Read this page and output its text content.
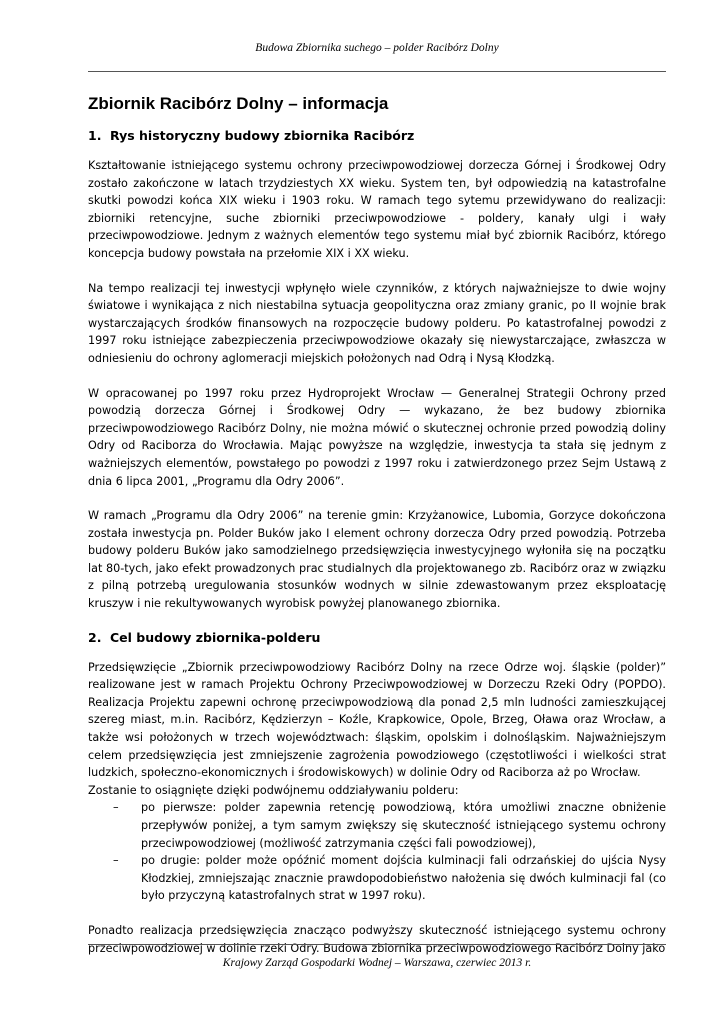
Budowa Zbiornika suchego – polder Racibórz Dolny
Zbiornik Racibórz Dolny – informacja
1. Rys historyczny budowy zbiornika Racibórz

Kształtowanie istniejącego systemu ochrony przeciwpowodziowej dorzecza Górnej i Środkowej Odry zostało zakończone w latach trzydziestych XX wieku. System ten, był odpowiedzią na katastrofalne skutki powodzi końca XIX wieku i 1903 roku. W ramach tego sytemu przewidywano do realizacji: zbiorniki retencyjne, suche zbiorniki przeciwpowodziowe - poldery, kanały ulgi i wały przeciwpowodziowe. Jednym z ważnych elementów tego systemu miał być zbiornik Racibórz, którego koncepcja budowy powstała na przełomie XIX i XX wieku.

Na tempo realizacji tej inwestycji wpłynęło wiele czynników, z których najważniejsze to dwie wojny światowe i wynikająca z nich niestabilna sytuacja geopolityczna oraz zmiany granic, po II wojnie brak wystarczających środków finansowych na rozpoczęcie budowy polderu. Po katastrofalnej powodzi z 1997 roku istniejące zabezpieczenia przeciwpowodziowe okazały się niewystarczające, zwłaszcza w odniesieniu do ochrony aglomeracji miejskich położonych nad Odrą i Nysą Kłodzką.

W opracowanej po 1997 roku przez Hydroprojekt Wrocław — Generalnej Strategii Ochrony przed powodzią dorzecza Górnej i Środkowej Odry — wykazano, że bez budowy zbiornika przeciwpowodziowego Racibórz Dolny, nie można mówić o skutecznej ochronie przed powodzią doliny Odry od Raciborza do Wrocławia. Mając powyższe na względzie, inwestycja ta stała się jednym z ważniejszych elementów, powstałego po powodzi z 1997 roku i zatwierdzonego przez Sejm Ustawą z dnia 6 lipca 2001, „Programu dla Odry 2006”.

W ramach „Programu dla Odry 2006” na terenie gmin: Krzyżanowice, Lubomia, Gorzyce dokończona została inwestycja pn. Polder Buków jako I element ochrony dorzecza Odry przed powodzią. Potrzeba budowy polderu Buków jako samodzielnego przedsięwzięcia inwestycyjnego wyłoniła się na początku lat 80-tych, jako efekt prowadzonych prac studialnych dla projektowanego zb. Racibórz oraz w związku z pilną potrzebą uregulowania stosunków wodnych w silnie zdewastowanym przez eksploatację kruszyw i nie rekultywowanych wyrobisk powyżej planowanego zbiornika.

2. Cel budowy zbiornika-polderu

Przedsięwzięcie „Zbiornik przeciwpowodziowy Racibórz Dolny na rzece Odrze woj. śląskie (polder)” realizowane jest w ramach Projektu Ochrony Przeciwpowodziowej w Dorzeczu Rzeki Odry (POPDO). Realizacja Projektu zapewni ochronę przeciwpowodziową dla ponad 2,5 mln ludności zamieszkującej szereg miast, m.in. Racibórz, Kędzierzyn – Koźle, Krapkowice, Opole, Brzeg, Oława oraz Wrocław, a także wsi położonych w trzech województwach: śląskim, opolskim i dolnośląskim. Najważniejszym celem przedsięwzięcia jest zmniejszenie zagrożenia powodziowego (częstotliwości i wielkości strat ludzkich, społeczno-ekonomicznych i środowiskowych) w dolinie Odry od Raciborza aż po Wrocław.

Zostanie to osiągnięte dzięki podwójnemu oddziaływaniu polderu:

– po pierwsze: polder zapewnia retencję powodziową, która umożliwi znaczne obniżenie przepływów poniżej, a tym samym zwiększy się skuteczność istniejącego systemu ochrony przeciwpowodziowej (możliwość zatrzymania części fali powodziowej),
– po drugie: polder może opóźnić moment dojścia kulminacji fali odrzańskiej do ujścia Nysy Kłodzkiej, zmniejszając znacznie prawdopodobieństwo nałożenia się dwóch kulminacji fal (co było przyczyną katastrofalnych strat w 1997 roku).

Ponadto realizacja przedsięwzięcia znacząco podwyższy skuteczność istniejącego systemu ochrony przeciwpowodziowej w dolinie rzeki Odry. Budowa zbiornika przeciwpowodziowego Racibórz Dolny jako

Krajowy Zarząd Gospodarki Wodnej – Warszawa, czerwiec 2013 r.
